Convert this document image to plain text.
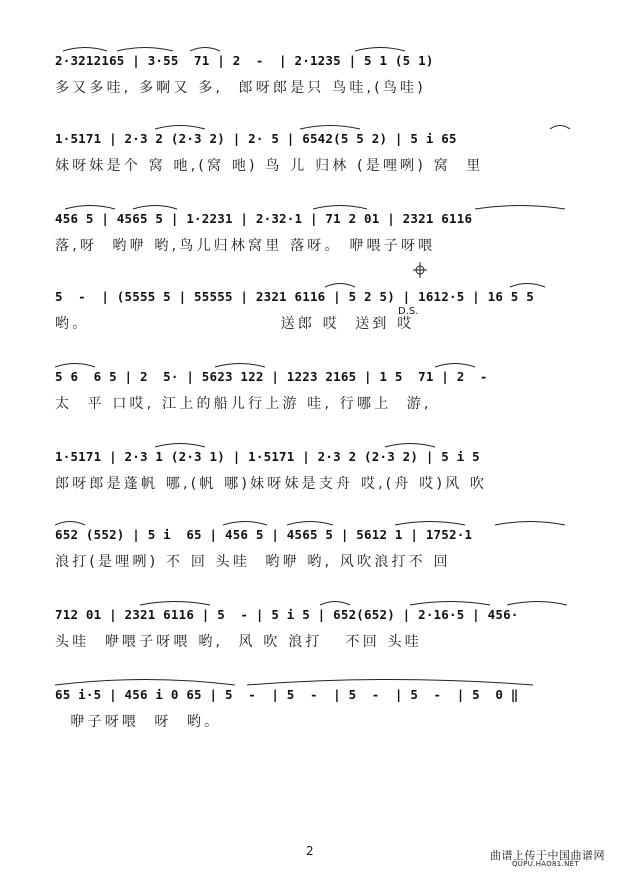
2·3212165 | 3·55  71 | 2  -  | 2·1235 | 5 1 (5 1)
多又多哇, 多啊又 多,  郎呀郎是只 鸟哇,(鸟哇)
1·5171 | 2·3 2 (2·3 2) | 2· 5 | 6542(5 5 2) | 5 i 65
妹呀妹是个 窝 吔,(窝 吔) 鸟 儿 归林 (是哩咧) 窝  里
456 5 | 4565 5 | 1·2231 | 2·32·1 | 71 2 01 | 2321 6116
落,呀  哟咿 哟,鸟儿归林窝里 落呀。 咿喂子呀喂
5  -  | (5555 5 | 55555 | 2321 6116 | 5 2 5) | 1612·5 | 16 5 5
D.S.
哟。                         送郎 哎  送到 哎
5 6  6 5 | 2  5· | 5623 122 | 1223 2165 | 1 5  71 | 2  -
太  平 口哎, 江上的船儿行上游 哇, 行哪上  游,
1·5171 | 2·3 1 (2·3 1) | 1·5171 | 2·3 2 (2·3 2) | 5 i 5
郎呀郎是蓬帆 哪,(帆 哪)妹呀妹是支舟 哎,(舟 哎)风 吹
652 (552) | 5 i  65 | 456 5 | 4565 5 | 5612 1 | 1752·1
浪打(是哩咧) 不 回 头哇  哟咿 哟, 风吹浪打不 回
712 01 | 2321 6116 | 5  - | 5 i 5 | 652(652) | 2·16·5 | 456·
头哇  咿喂子呀喂 哟,  风 吹 浪打   不回 头哇
65 i·5 | 456 i 0 65 | 5  -  | 5  -  | 5  -  | 5  -  | 5  0 ‖
咿子呀喂  呀  哟。
2	曲谱上传于中国曲谱网
QUPU.HAO81.NET
